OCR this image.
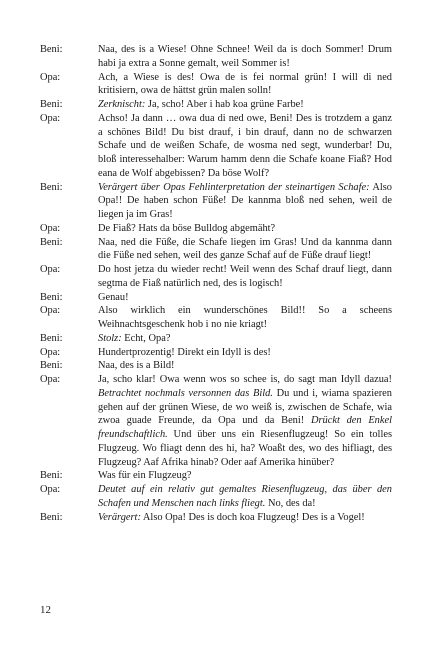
Beni:	Naa, des is a Wiese! Ohne Schnee! Weil da is doch Sommer! Drum habi ja extra a Sonne gemalt, weil Sommer is!
Opa:	Ach, a Wiese is des! Owa de is fei normal grün! I will di ned kritisiern, owa de hättst grün malen solln!
Beni:	Zerknischt: Ja, scho! Aber i hab koa grüne Farbe!
Opa:	Achso! Ja dann … owa dua di ned owe, Beni! Des is trotzdem a ganz a schönes Bild! Du bist drauf, i bin drauf, dann no de schwarzen Schafe und de weißen Schafe, de wosma ned segt, wunderbar! Du, bloß interessehalber: Warum hamm denn die Schafe koane Fiaß? Hod eana de Wolf abgebissen? Da böse Wolf?
Beni:	Verärgert über Opas Fehlinterpretation der steinartigen Schafe: Also Opa!! De haben schon Füße! De kannma bloß ned sehen, weil de liegen ja im Gras!
Opa:	De Fiaß? Hats da böse Bulldog abgemäht?
Beni:	Naa, ned die Füße, die Schafe liegen im Gras! Und da kannma dann die Füße ned sehen, weil des ganze Schaf auf de Füße drauf liegt!
Opa:	Do host jetza du wieder recht! Weil wenn des Schaf drauf liegt, dann segtma de Fiaß natürlich ned, des is logisch!
Beni:	Genau!
Opa:	Also wirklich ein wunderschönes Bild!! So a scheens Weihnachtsgeschenk hob i no nie kriagt!
Beni:	Stolz: Echt, Opa?
Opa:	Hundertprozentig! Direkt ein Idyll is des!
Beni:	Naa, des is a Bild!
Opa:	Ja, scho klar! Owa wenn wos so schee is, do sagt man Idyll dazua! Betrachtet nochmals versonnen das Bild. Du und i, wiama spazieren gehen auf der grünen Wiese, de wo weiß is, zwischen de Schafe, wia zwoa guade Freunde, da Opa und da Beni! Drückt den Enkel freundschaftlich. Und über uns ein Riesenflugzeug! So ein tolles Flugzeug. Wo fliagt denn des hi, ha? Woaßt des, wo des hifliagt, des Flugzeug? Aaf Afrika hinab? Oder aaf Amerika hinüber?
Beni:	Was für ein Flugzeug?
Opa:	Deutet auf ein relativ gut gemaltes Riesenflugzeug, das über den Schafen und Menschen nach links fliegt. No, des da!
Beni:	Verärgert: Also Opa! Des is doch koa Flugzeug! Des is a Vogel!
12
